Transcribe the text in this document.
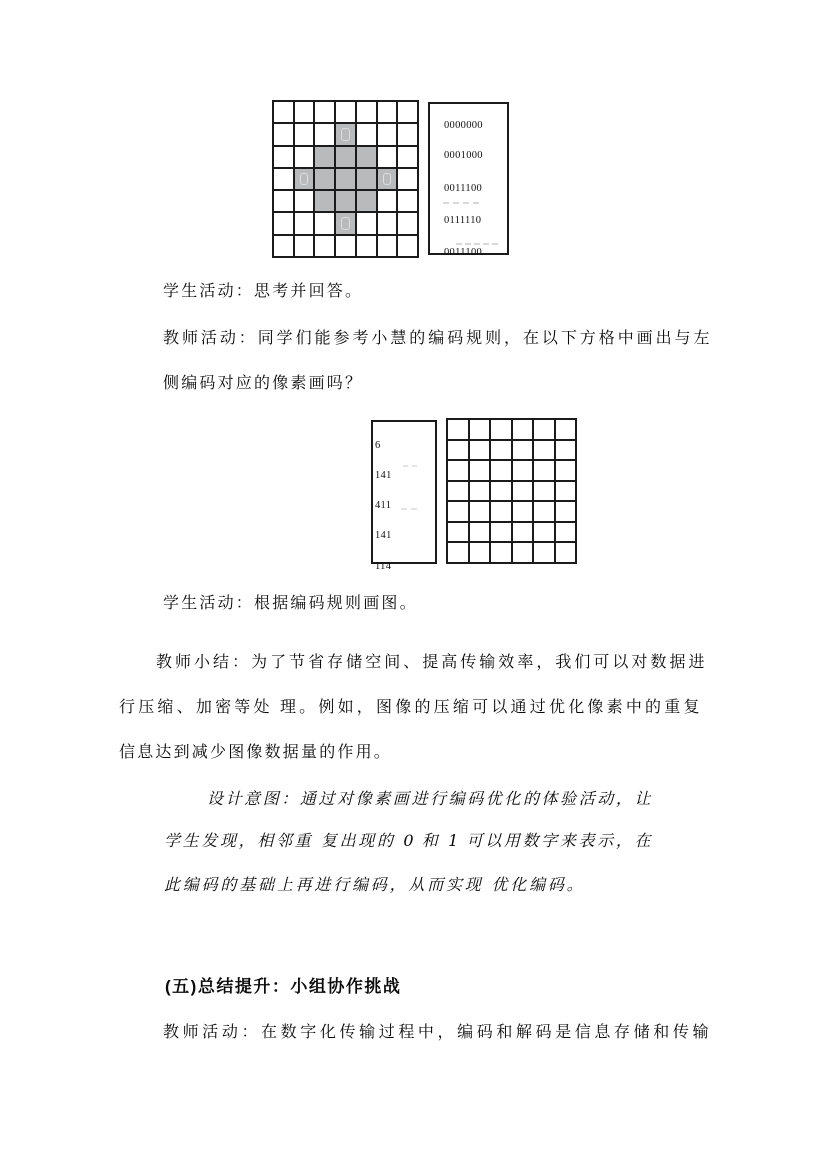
0000000
0001000
0011100
0111110
0011100
学生活动：思考并回答。
教师活动：同学们能参考小慧的编码规则，在以下方格中画出与左
侧编码对应的像素画吗？
6
141
411
141
114
学生活动：根据编码规则画图。
教师小结：为了节省存储空间、提高传输效率，我们可以对数据进
行压缩、加密等处 理。例如，图像的压缩可以通过优化像素中的重复
信息达到减少图像数据量的作用。
设计意图：通过对像素画进行编码优化的体验活动，让
学生发现，相邻重 复出现的 0 和 1 可以用数字来表示，在
此编码的基础上再进行编码，从而实现 优化编码。
(五)总结提升：小组协作挑战
教师活动：在数字化传输过程中，编码和解码是信息存储和传输
